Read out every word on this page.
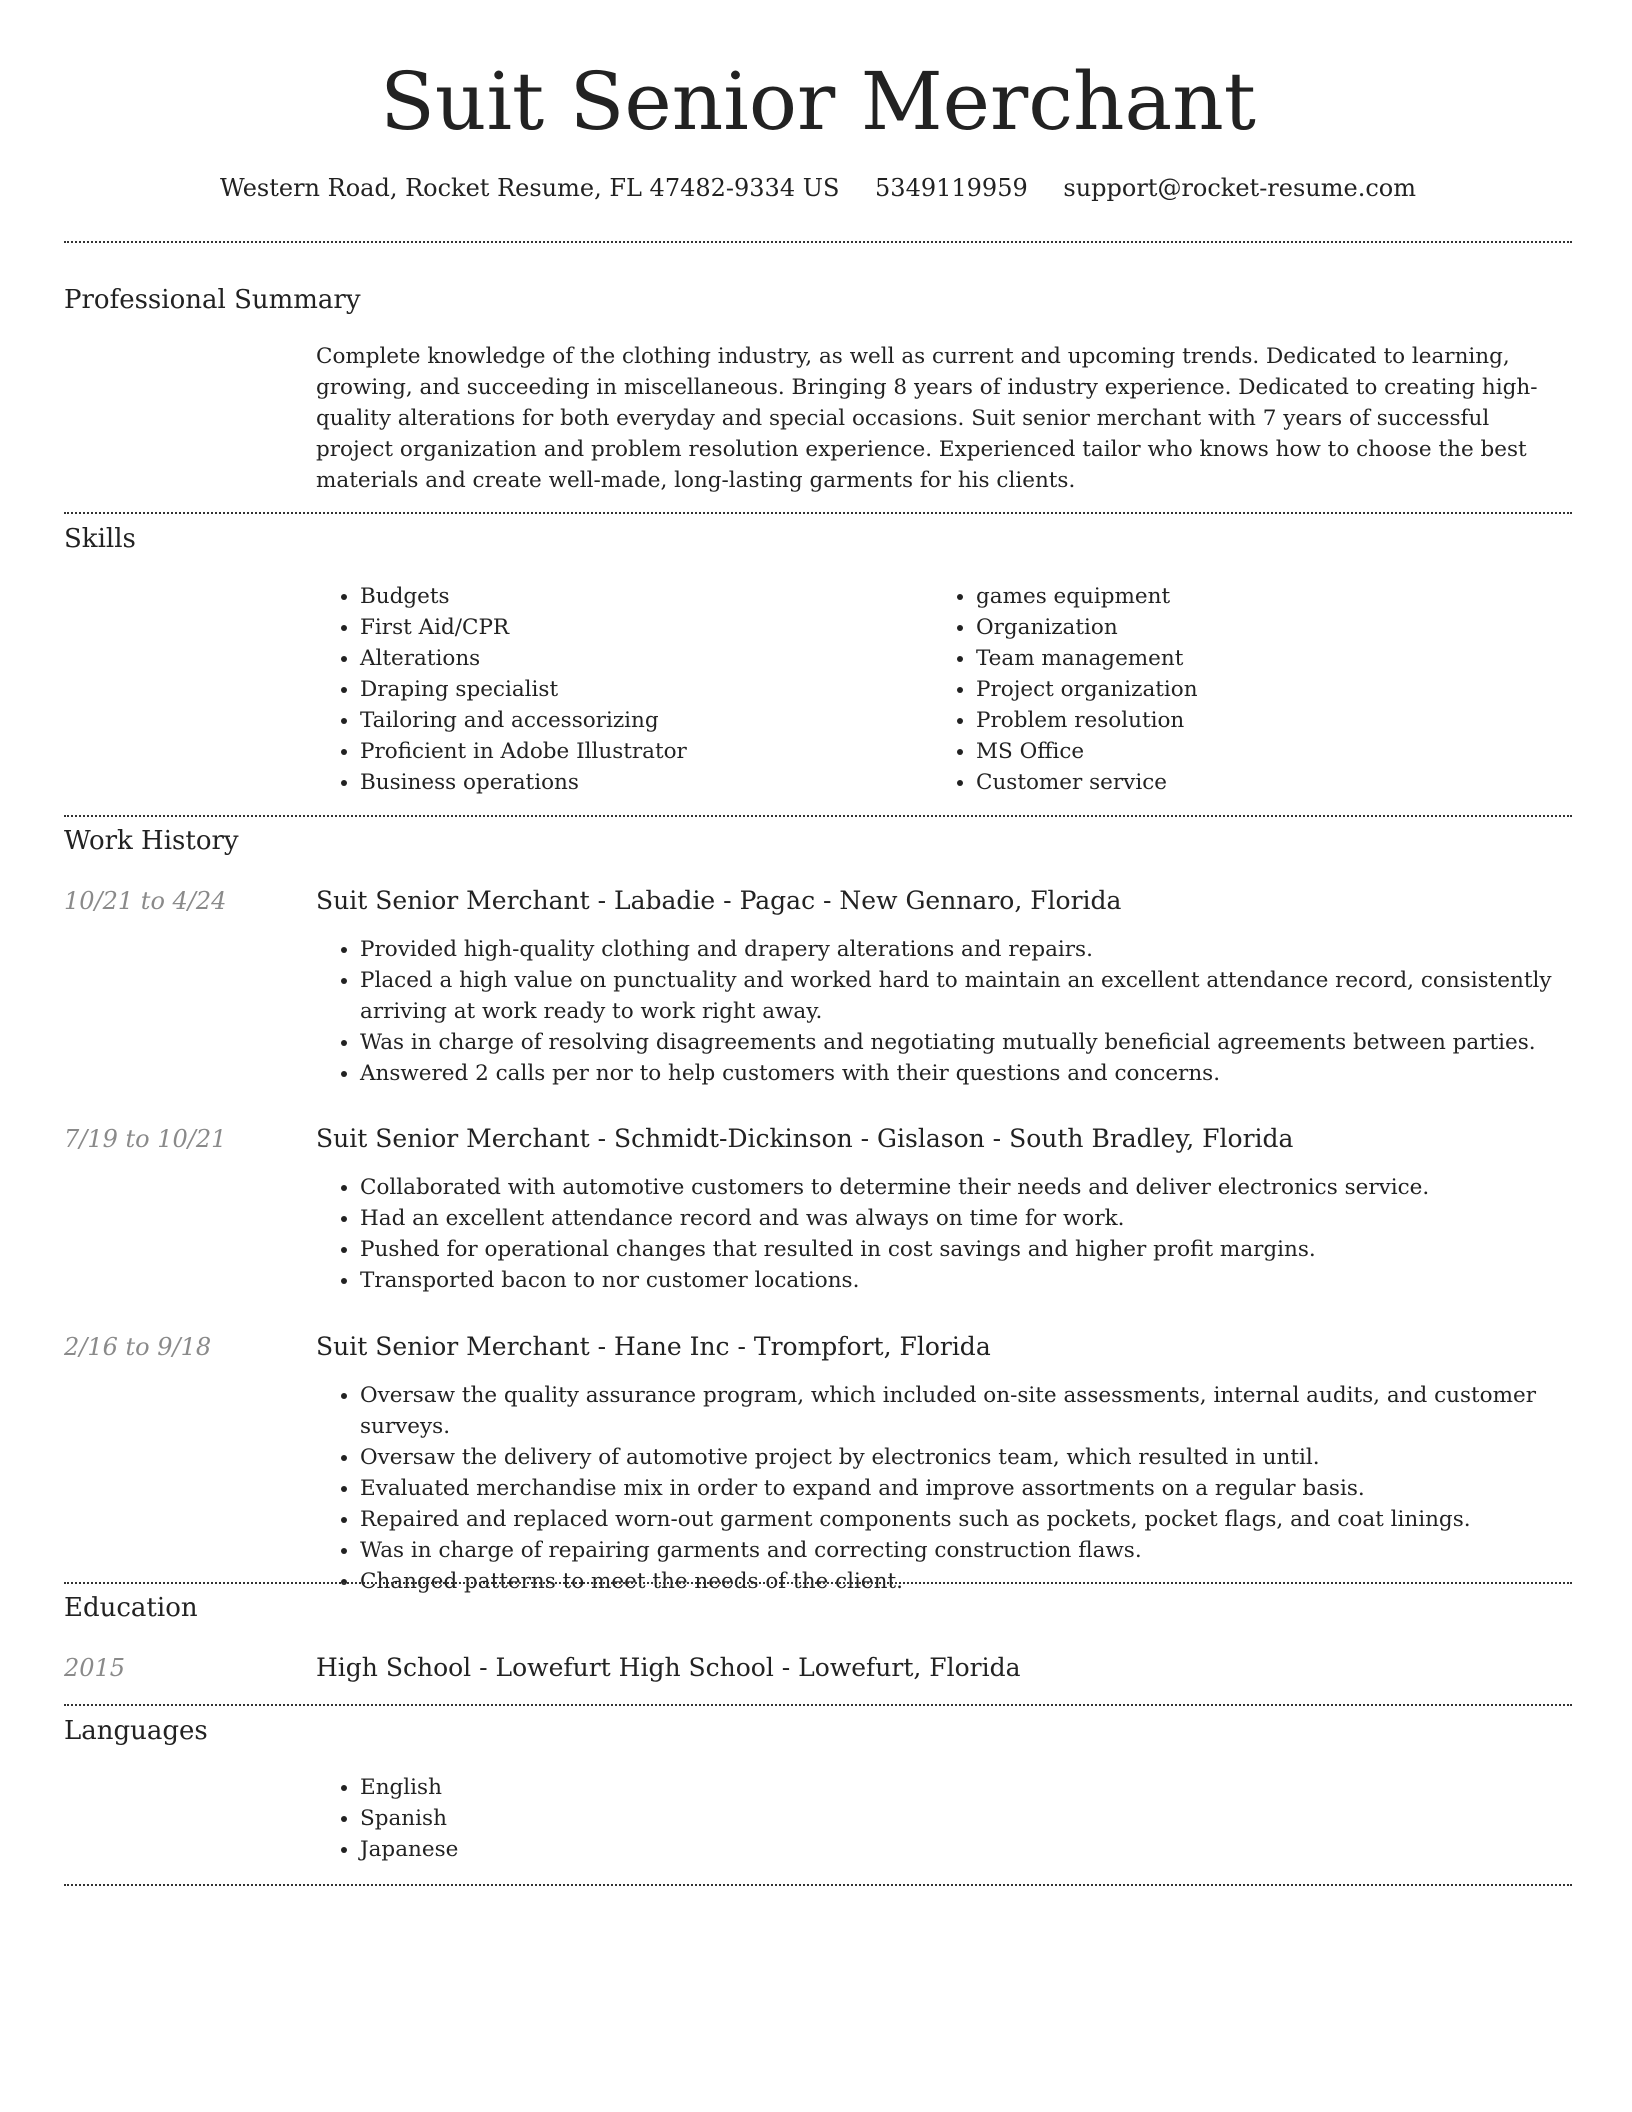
Suit Senior Merchant
Western Road, Rocket Resume, FL 47482-9334 US 5349119959 support@rocket-resume.com
Professional Summary
Complete knowledge of the clothing industry, as well as current and upcoming trends. Dedicated to learning, growing, and succeeding in miscellaneous. Bringing 8 years of industry experience. Dedicated to creating high-quality alterations for both everyday and special occasions. Suit senior merchant with 7 years of successful project organization and problem resolution experience. Experienced tailor who knows how to choose the best materials and create well-made, long-lasting garments for his clients.
Skills
• Budgets
• First Aid/CPR
• Alterations
• Draping specialist
• Tailoring and accessorizing
• Proficient in Adobe Illustrator
• Business operations
• games equipment
• Organization
• Team management
• Project organization
• Problem resolution
• MS Office
• Customer service
Work History
10/21 to 4/24	Suit Senior Merchant - Labadie - Pagac - New Gennaro, Florida
• Provided high-quality clothing and drapery alterations and repairs.
• Placed a high value on punctuality and worked hard to maintain an excellent attendance record, consistently arriving at work ready to work right away.
• Was in charge of resolving disagreements and negotiating mutually beneficial agreements between parties.
• Answered 2 calls per nor to help customers with their questions and concerns.
7/19 to 10/21	Suit Senior Merchant - Schmidt-Dickinson - Gislason - South Bradley, Florida
• Collaborated with automotive customers to determine their needs and deliver electronics service.
• Had an excellent attendance record and was always on time for work.
• Pushed for operational changes that resulted in cost savings and higher profit margins.
• Transported bacon to nor customer locations.
2/16 to 9/18	Suit Senior Merchant - Hane Inc - Trompfort, Florida
• Oversaw the quality assurance program, which included on-site assessments, internal audits, and customer surveys.
• Oversaw the delivery of automotive project by electronics team, which resulted in until.
• Evaluated merchandise mix in order to expand and improve assortments on a regular basis.
• Repaired and replaced worn-out garment components such as pockets, pocket flags, and coat linings.
• Was in charge of repairing garments and correcting construction flaws.
• Changed patterns to meet the needs of the client.
Education
2015	High School - Lowefurt High School - Lowefurt, Florida
Languages
• English
• Spanish
• Japanese
